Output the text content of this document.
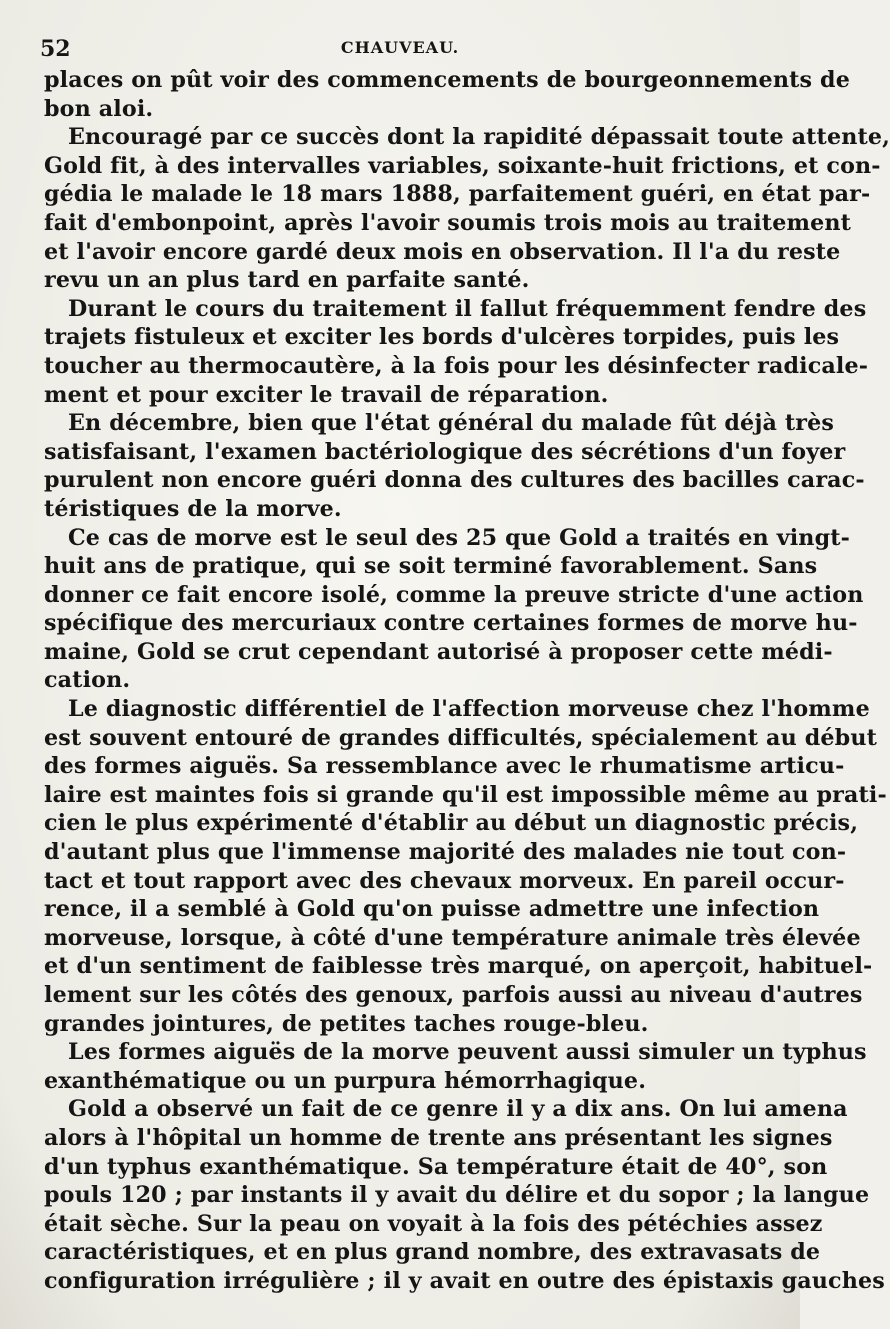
52	CHAUVEAU.

places on pût voir des commencements de bourgeonnements de
bon aloi.

Encouragé par ce succès dont la rapidité dépassait toute attente,
Gold fit, à des intervalles variables, soixante-huit frictions, et con-
gédia le malade le 18 mars 1888, parfaitement guéri, en état par-
fait d'embonpoint, après l'avoir soumis trois mois au traitement
et l'avoir encore gardé deux mois en observation. Il l'a du reste
revu un an plus tard en parfaite santé.

Durant le cours du traitement il fallut fréquemment fendre des
trajets fistuleux et exciter les bords d'ulcères torpides, puis les
toucher au thermocautère, à la fois pour les désinfecter radicale-
ment et pour exciter le travail de réparation.

En décembre, bien que l'état général du malade fût déjà très
satisfaisant, l'examen bactériologique des sécrétions d'un foyer
purulent non encore guéri donna des cultures des bacilles carac-
téristiques de la morve.

Ce cas de morve est le seul des 25 que Gold a traités en vingt-
huit ans de pratique, qui se soit terminé favorablement. Sans
donner ce fait encore isolé, comme la preuve stricte d'une action
spécifique des mercuriaux contre certaines formes de morve hu-
maine, Gold se crut cependant autorisé à proposer cette médi-
cation.

Le diagnostic différentiel de l'affection morveuse chez l'homme
est souvent entouré de grandes difficultés, spécialement au début
des formes aiguës. Sa ressemblance avec le rhumatisme articu-
laire est maintes fois si grande qu'il est impossible même au prati-
cien le plus expérimenté d'établir au début un diagnostic précis,
d'autant plus que l'immense majorité des malades nie tout con-
tact et tout rapport avec des chevaux morveux. En pareil occur-
rence, il a semblé à Gold qu'on puisse admettre une infection
morveuse, lorsque, à côté d'une température animale très élevée
et d'un sentiment de faiblesse très marqué, on aperçoit, habituel-
lement sur les côtés des genoux, parfois aussi au niveau d'autres
grandes jointures, de petites taches rouge-bleu.

Les formes aiguës de la morve peuvent aussi simuler un typhus
exanthématique ou un purpura hémorrhagique.

Gold a observé un fait de ce genre il y a dix ans. On lui amena
alors à l'hôpital un homme de trente ans présentant les signes
d'un typhus exanthématique. Sa température était de 40°, son
pouls 120 ; par instants il y avait du délire et du sopor ; la langue
était sèche. Sur la peau on voyait à la fois des pétéchies assez
caractéristiques, et en plus grand nombre, des extravasats de
configuration irrégulière ; il y avait en outre des épistaxis gauches
